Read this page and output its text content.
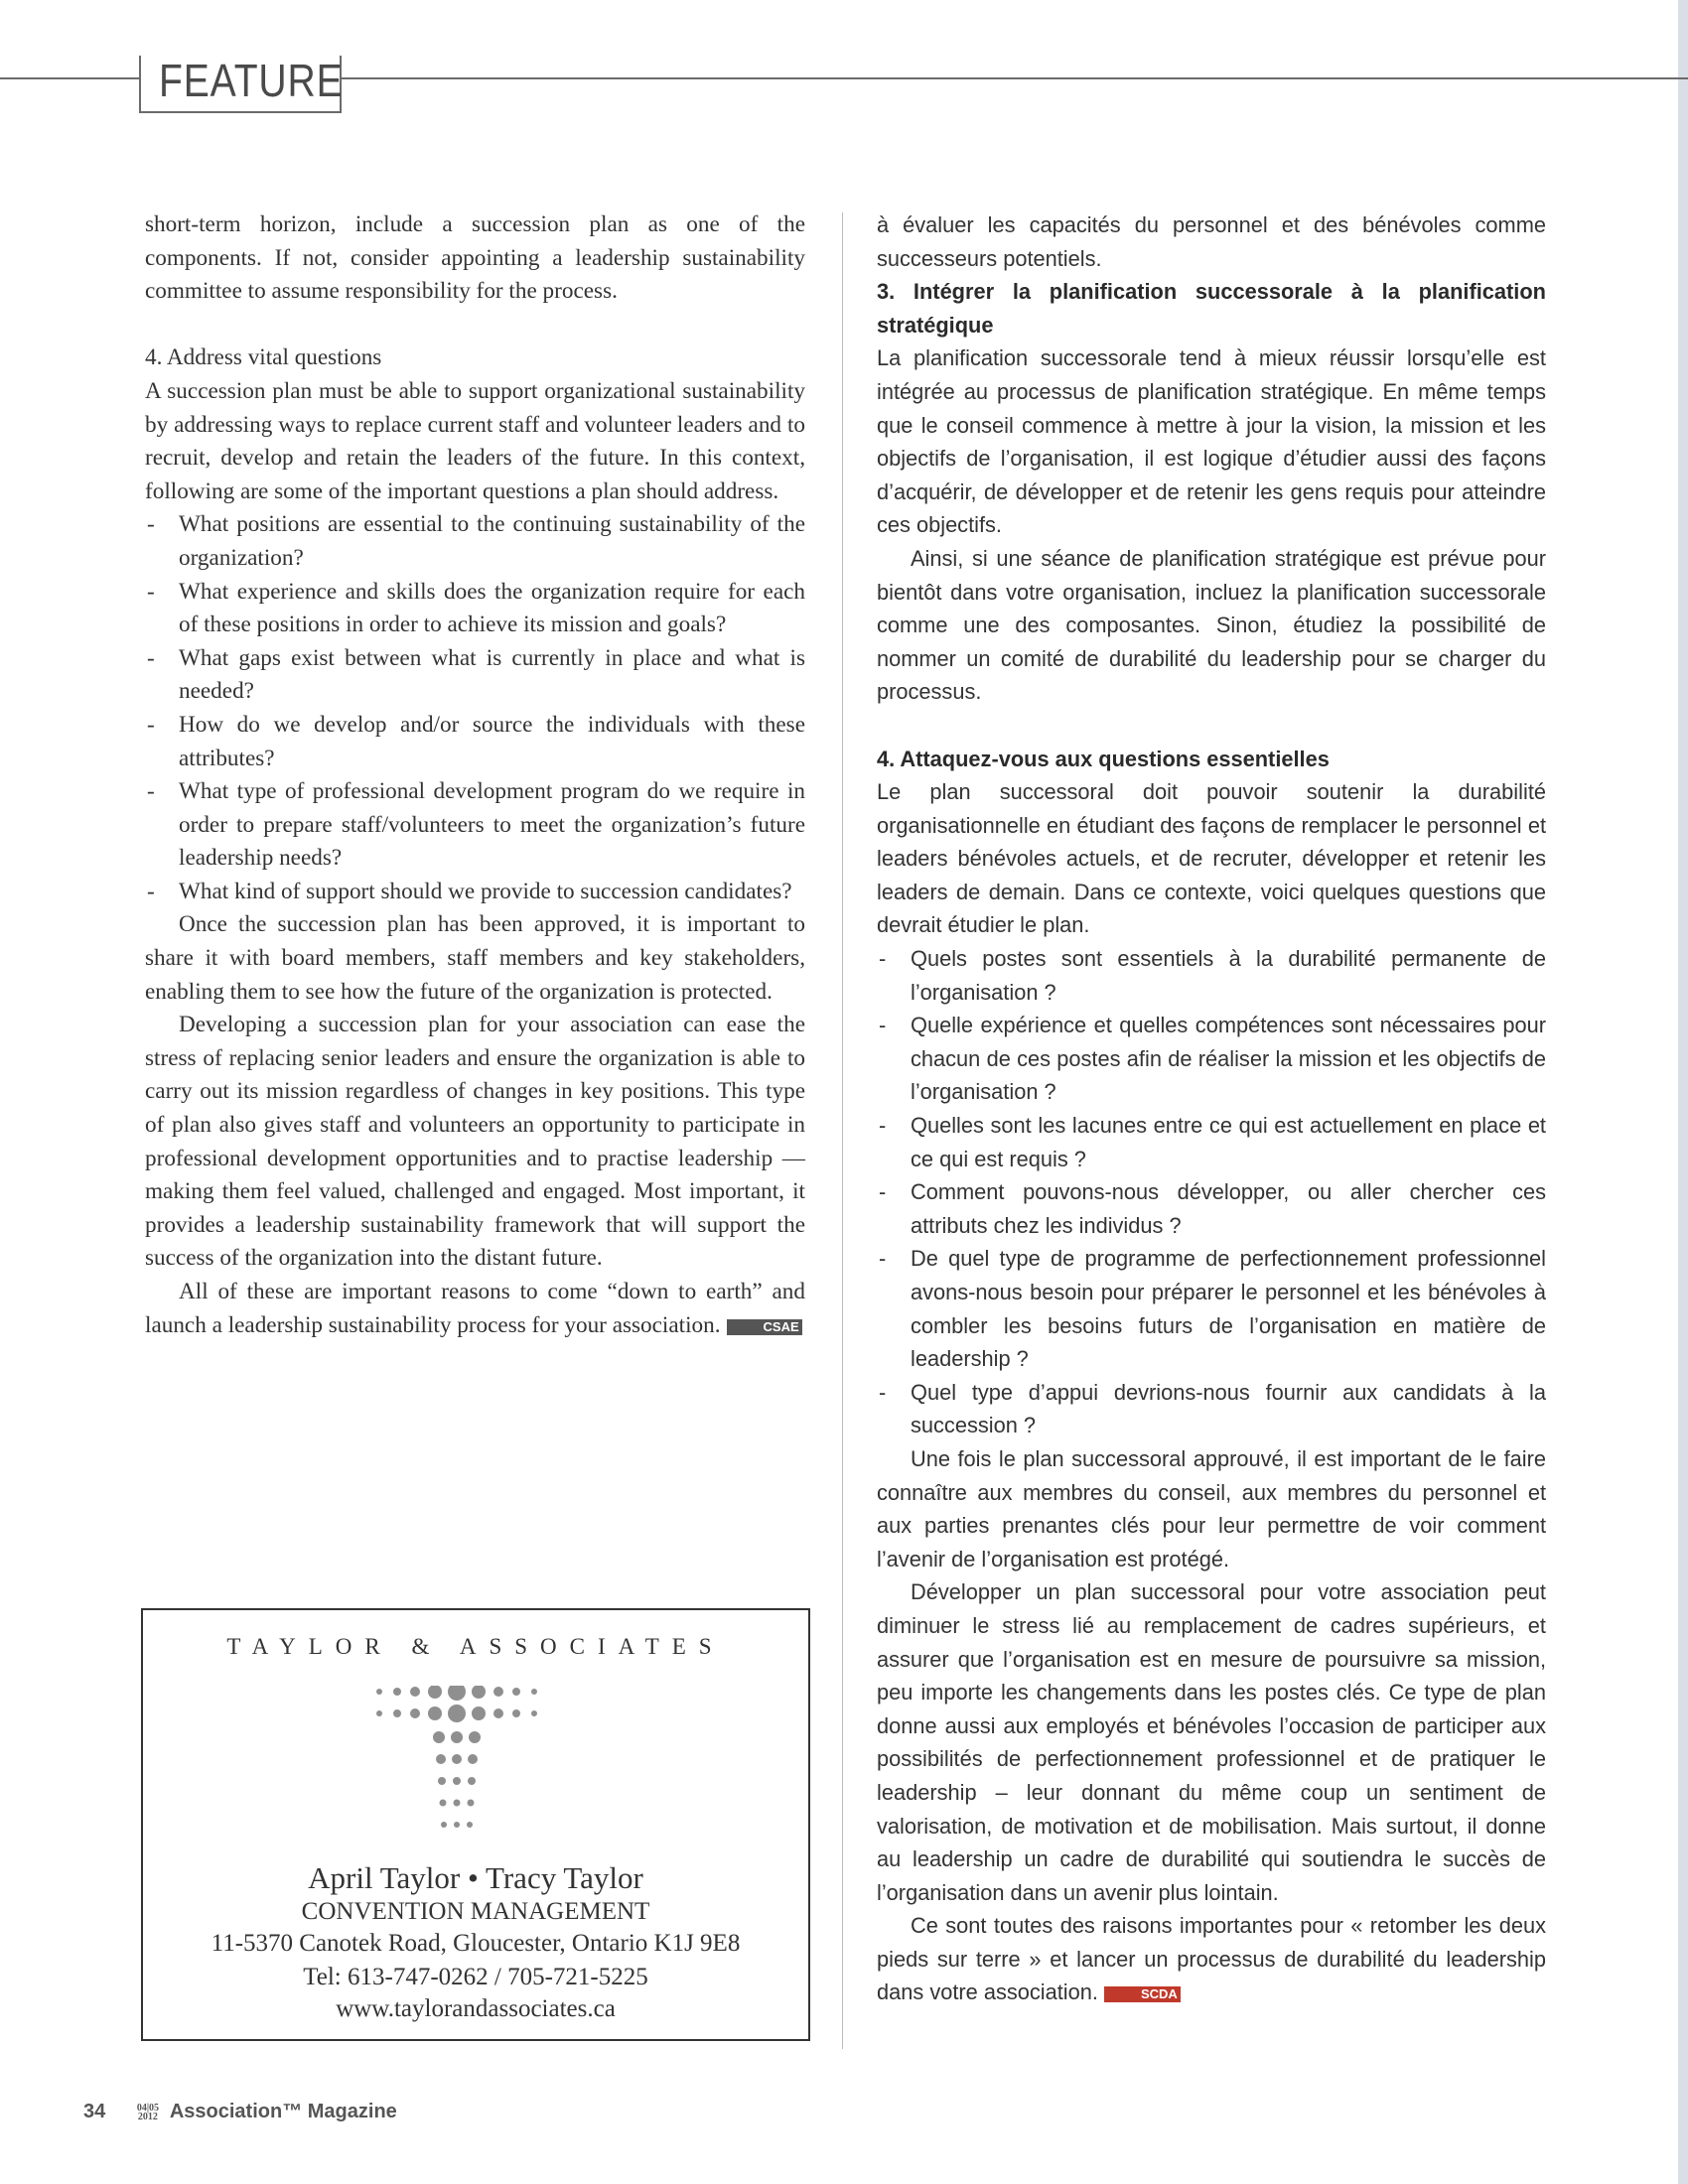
FEATURE

short-term horizon, include a succession plan as one of the components. If not, consider appointing a leadership sustainability committee to assume responsibility for the process.

4. Address vital questions

A succession plan must be able to support organizational sustainability by addressing ways to replace current staff and volunteer leaders and to recruit, develop and retain the leaders of the future. In this context, following are some of the important questions a plan should address.

- What positions are essential to the continuing sustainability of the organization?
- What experience and skills does the organization require for each of these positions in order to achieve its mission and goals?
- What gaps exist between what is currently in place and what is needed?
- How do we develop and/or source the individuals with these attributes?
- What type of professional development program do we require in order to prepare staff/volunteers to meet the organization’s future leadership needs?
- What kind of support should we provide to succession candidates?

Once the succession plan has been approved, it is important to share it with board members, staff members and key stakeholders, enabling them to see how the future of the organization is protected.

Developing a succession plan for your association can ease the stress of replacing senior leaders and ensure the organization is able to carry out its mission regardless of changes in key positions. This type of plan also gives staff and volunteers an opportunity to participate in professional development opportunities and to practise leadership — making them feel valued, challenged and engaged. Most important, it provides a leadership sustainability framework that will support the success of the organization into the distant future.

All of these are important reasons to come “down to earth” and launch a leadership sustainability process for your association.	CSAE

à évaluer les capacités du personnel et des bénévoles comme successeurs potentiels.

3. Intégrer la planification successorale à la planification stratégique

La planification successorale tend à mieux réussir lorsqu’elle est intégrée au processus de planification stratégique. En même temps que le conseil commence à mettre à jour la vision, la mission et les objectifs de l’organisation, il est logique d’étudier aussi des façons d’acquérir, de développer et de retenir les gens requis pour atteindre ces objectifs.

Ainsi, si une séance de planification stratégique est prévue pour bientôt dans votre organisation, incluez la planification successorale comme une des composantes. Sinon, étudiez la possibilité de nommer un comité de durabilité du leadership pour se charger du processus.

4. Attaquez-vous aux questions essentielles

Le plan successoral doit pouvoir soutenir la durabilité organisationnelle en étudiant des façons de remplacer le personnel et leaders bénévoles actuels, et de recruter, développer et retenir les leaders de demain. Dans ce contexte, voici quelques questions que devrait étudier le plan.

- Quels postes sont essentiels à la durabilité permanente de l’organisation ?
- Quelle expérience et quelles compétences sont nécessaires pour chacun de ces postes afin de réaliser la mission et les objectifs de l’organisation ?
- Quelles sont les lacunes entre ce qui est actuellement en place et ce qui est requis ?
- Comment pouvons-nous développer, ou aller chercher ces attributs chez les individus ?
- De quel type de programme de perfectionnement professionnel avons-nous besoin pour préparer le personnel et les bénévoles à combler les besoins futurs de l’organisation en matière de leadership ?
- Quel type d’appui devrions-nous fournir aux candidats à la succession ?

Une fois le plan successoral approuvé, il est important de le faire connaître aux membres du conseil, aux membres du personnel et aux parties prenantes clés pour leur permettre de voir comment l’avenir de l’organisation est protégé.

Développer un plan successoral pour votre association peut diminuer le stress lié au remplacement de cadres supérieurs, et assurer que l’organisation est en mesure de poursuivre sa mission, peu importe les changements dans les postes clés. Ce type de plan donne aussi aux employés et bénévoles l’occasion de participer aux possibilités de perfectionnement professionnel et de pratiquer le leadership – leur donnant du même coup un sentiment de valorisation, de motivation et de mobilisation. Mais surtout, il donne au leadership un cadre de durabilité qui soutiendra le succès de l’organisation dans un avenir plus lointain.

Ce sont toutes des raisons importantes pour « retomber les deux pieds sur terre » et lancer un processus de durabilité du leadership dans votre association.	SCDA

TAYLOR & ASSOCIATES
April Taylor • Tracy Taylor
CONVENTION MANAGEMENT
11-5370 Canotek Road, Gloucester, Ontario K1J 9E8
Tel: 613-747-0262 / 705-721-5225
www.taylorandassociates.ca
34	04|05
2012 Association™ Magazine
